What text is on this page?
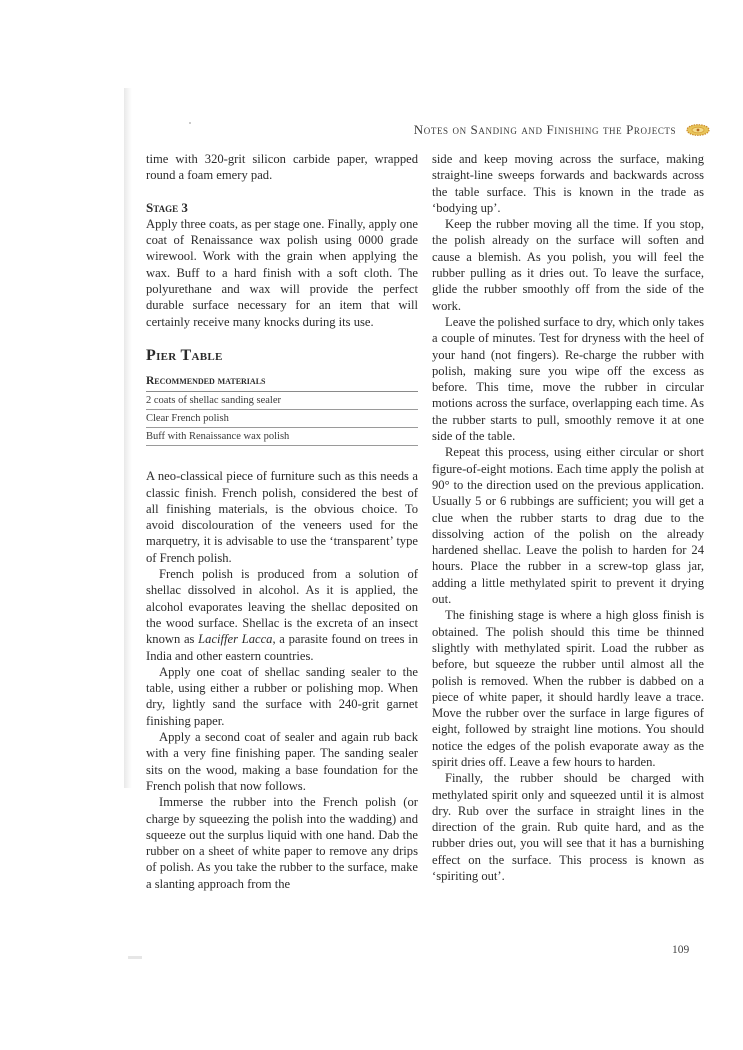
Notes on Sanding and Finishing the Projects

time with 320-grit silicon carbide paper, wrapped round a foam emery pad.

Stage 3

Apply three coats, as per stage one. Finally, apply one coat of Renaissance wax polish using 0000 grade wirewool. Work with the grain when applying the wax. Buff to a hard finish with a soft cloth. The polyurethane and wax will provide the perfect durable surface necessary for an item that will certainly receive many knocks during its use.

Pier Table
Recommended materials
2 coats of shellac sanding sealer
Clear French polish
Buff with Renaissance wax polish

A neo-classical piece of furniture such as this needs a classic finish. French polish, considered the best of all finishing materials, is the obvious choice. To avoid discolouration of the veneers used for the marquetry, it is advisable to use the ‘transparent’ type of French polish.

French polish is produced from a solution of shellac dissolved in alcohol. As it is applied, the alcohol evaporates leaving the shellac deposited on the wood surface. Shellac is the excreta of an insect known as Laciffer Lacca, a parasite found on trees in India and other eastern countries.

Apply one coat of shellac sanding sealer to the table, using either a rubber or polishing mop. When dry, lightly sand the surface with 240-grit garnet finishing paper.

Apply a second coat of sealer and again rub back with a very fine finishing paper. The sanding sealer sits on the wood, making a base foundation for the French polish that now follows.

Immerse the rubber into the French polish (or charge by squeezing the polish into the wadding) and squeeze out the surplus liquid with one hand. Dab the rubber on a sheet of white paper to remove any drips of polish. As you take the rubber to the surface, make a slanting approach from the

side and keep moving across the surface, making straight-line sweeps forwards and backwards across the table surface. This is known in the trade as ‘bodying up’.

Keep the rubber moving all the time. If you stop, the polish already on the surface will soften and cause a blemish. As you polish, you will feel the rubber pulling as it dries out. To leave the surface, glide the rubber smoothly off from the side of the work.

Leave the polished surface to dry, which only takes a couple of minutes. Test for dryness with the heel of your hand (not fingers). Re-charge the rubber with polish, making sure you wipe off the excess as before. This time, move the rubber in circular motions across the surface, overlapping each time. As the rubber starts to pull, smoothly remove it at one side of the table.

Repeat this process, using either circular or short figure-of-eight motions. Each time apply the polish at 90° to the direction used on the previous application. Usually 5 or 6 rubbings are sufficient; you will get a clue when the rubber starts to drag due to the dissolving action of the polish on the already hardened shellac. Leave the polish to harden for 24 hours. Place the rubber in a screw-top glass jar, adding a little methylated spirit to prevent it drying out.

The finishing stage is where a high gloss finish is obtained. The polish should this time be thinned slightly with methylated spirit. Load the rubber as before, but squeeze the rubber until almost all the polish is removed. When the rubber is dabbed on a piece of white paper, it should hardly leave a trace. Move the rubber over the surface in large figures of eight, followed by straight line motions. You should notice the edges of the polish evaporate away as the spirit dries off. Leave a few hours to harden.

Finally, the rubber should be charged with methylated spirit only and squeezed until it is almost dry. Rub over the surface in straight lines in the direction of the grain. Rub quite hard, and as the rubber dries out, you will see that it has a burnishing effect on the surface. This process is known as ‘spiriting out’.

109
